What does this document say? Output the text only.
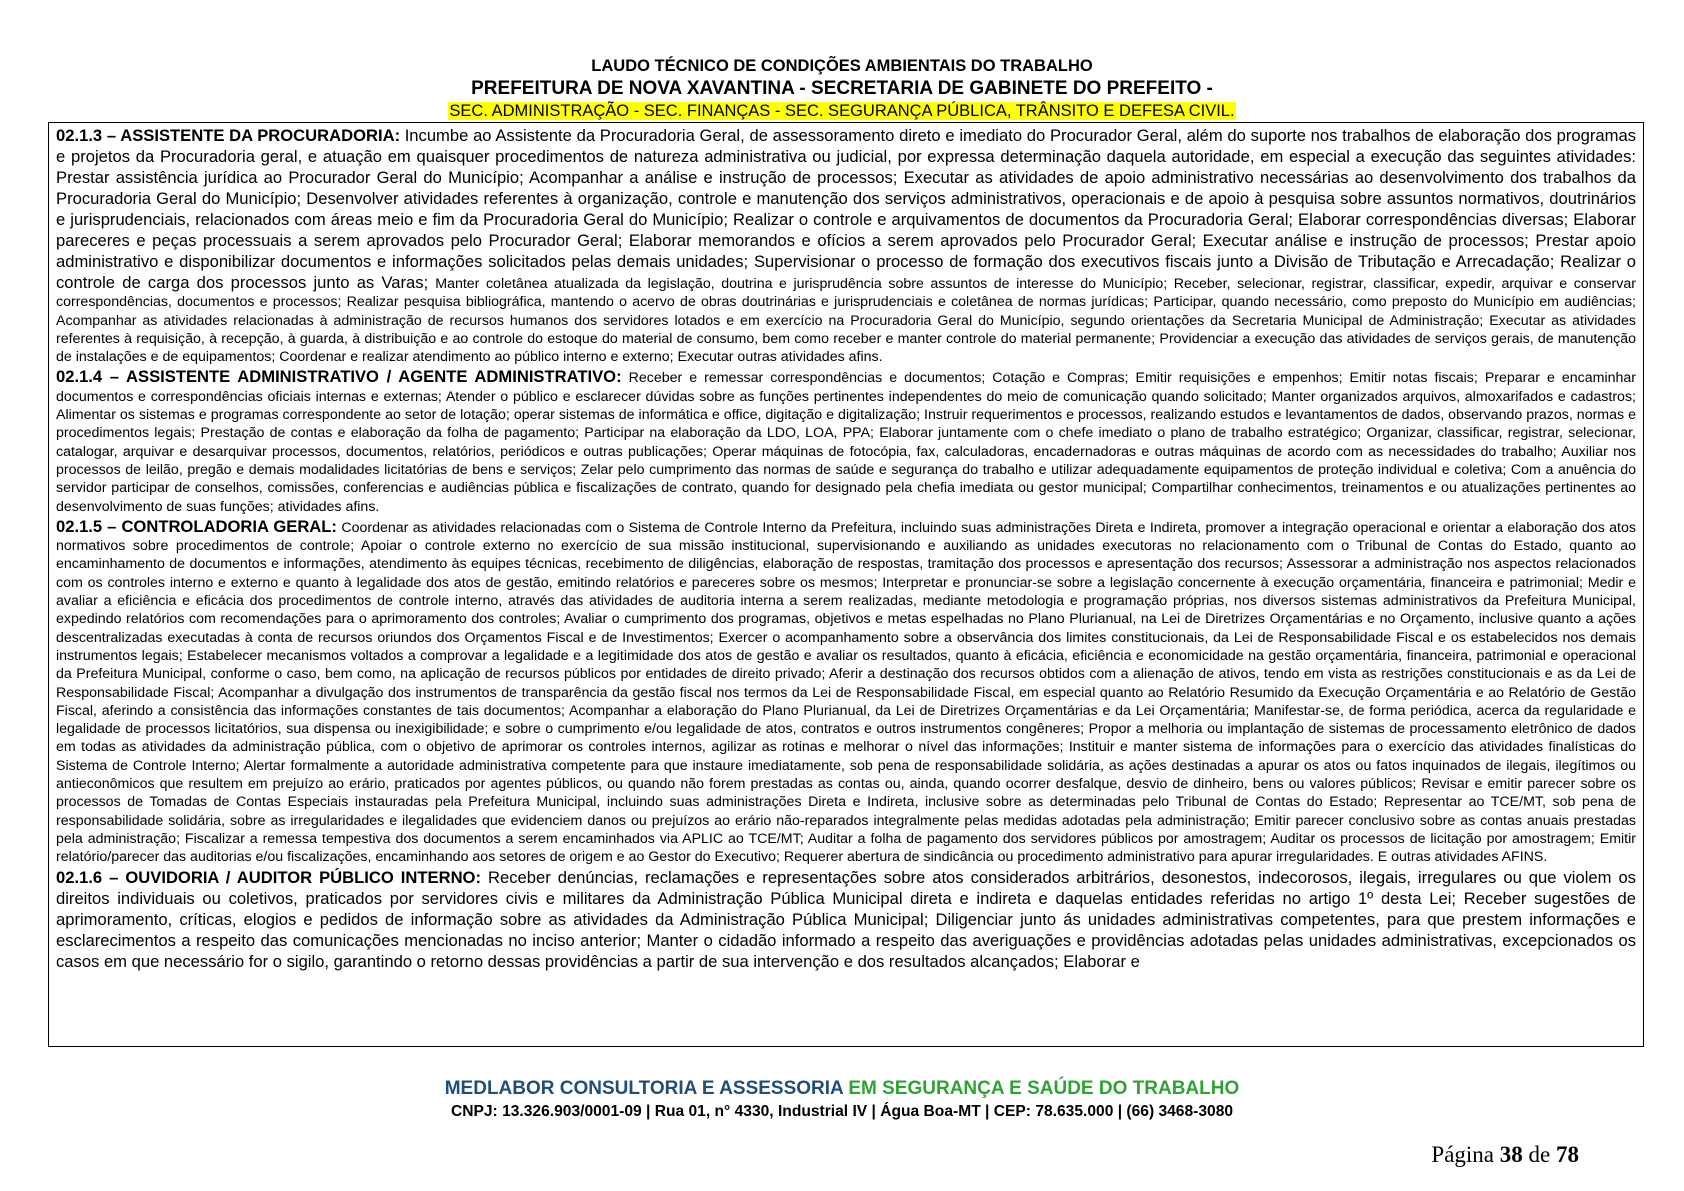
LAUDO TÉCNICO DE CONDIÇÕES AMBIENTAIS DO TRABALHO
PREFEITURA DE NOVA XAVANTINA - SECRETARIA DE GABINETE DO PREFEITO -
SEC. ADMINISTRAÇÃO - SEC. FINANÇAS - SEC. SEGURANÇA PÚBLICA, TRÂNSITO E DEFESA CIVIL.

02.1.3 – ASSISTENTE DA PROCURADORIA: Incumbe ao Assistente da Procuradoria Geral, de assessoramento direto e imediato do Procurador Geral, além do suporte nos trabalhos de elaboração dos programas e projetos da Procuradoria geral, e atuação em quaisquer procedimentos de natureza administrativa ou judicial, por expressa determinação daquela autoridade, em especial a execução das seguintes atividades: Prestar assistência jurídica ao Procurador Geral do Município; Acompanhar a análise e instrução de processos; Executar as atividades de apoio administrativo necessárias ao desenvolvimento dos trabalhos da Procuradoria Geral do Município; Desenvolver atividades referentes à organização, controle e manutenção dos serviços administrativos, operacionais e de apoio à pesquisa sobre assuntos normativos, doutrinários e jurisprudenciais, relacionados com áreas meio e fim da Procuradoria Geral do Município; Realizar o controle e arquivamentos de documentos da Procuradoria Geral; Elaborar correspondências diversas; Elaborar pareceres e peças processuais a serem aprovados pelo Procurador Geral; Elaborar memorandos e ofícios a serem aprovados pelo Procurador Geral; Executar análise e instrução de processos; Prestar apoio administrativo e disponibilizar documentos e informações solicitados pelas demais unidades; Supervisionar o processo de formação dos executivos fiscais junto a Divisão de Tributação e Arrecadação; Realizar o controle de carga dos processos junto as Varas; Manter coletânea atualizada da legislação, doutrina e jurisprudência sobre assuntos de interesse do Município; Receber, selecionar, registrar, classificar, expedir, arquivar e conservar correspondências, documentos e processos; Realizar pesquisa bibliográfica, mantendo o acervo de obras doutrinárias e jurisprudenciais e coletânea de normas jurídicas; Participar, quando necessário, como preposto do Município em audiências; Acompanhar as atividades relacionadas à administração de recursos humanos dos servidores lotados e em exercício na Procuradoria Geral do Município, segundo orientações da Secretaria Municipal de Administração; Executar as atividades referentes à requisição, à recepção, à guarda, à distribuição e ao controle do estoque do material de consumo, bem como receber e manter controle do material permanente; Providenciar a execução das atividades de serviços gerais, de manutenção de instalações e de equipamentos; Coordenar e realizar atendimento ao público interno e externo; Executar outras atividades afins.

02.1.4 – ASSISTENTE ADMINISTRATIVO / AGENTE ADMINISTRATIVO: Receber e remessar correspondências e documentos; Cotação e Compras; Emitir requisições e empenhos; Emitir notas fiscais; Preparar e encaminhar documentos e correspondências oficiais internas e externas; Atender o público e esclarecer dúvidas sobre as funções pertinentes independentes do meio de comunicação quando solicitado; Manter organizados arquivos, almoxarifados e cadastros; Alimentar os sistemas e programas correspondente ao setor de lotação; operar sistemas de informática e office, digitação e digitalização; Instruir requerimentos e processos, realizando estudos e levantamentos de dados, observando prazos, normas e procedimentos legais; Prestação de contas e elaboração da folha de pagamento; Participar na elaboração da LDO, LOA, PPA; Elaborar juntamente com o chefe imediato o plano de trabalho estratégico; Organizar, classificar, registrar, selecionar, catalogar, arquivar e desarquivar processos, documentos, relatórios, periódicos e outras publicações; Operar máquinas de fotocópia, fax, calculadoras, encadernadoras e outras máquinas de acordo com as necessidades do trabalho; Auxiliar nos processos de leilão, pregão e demais modalidades licitatórias de bens e serviços; Zelar pelo cumprimento das normas de saúde e segurança do trabalho e utilizar adequadamente equipamentos de proteção individual e coletiva; Com a anuência do servidor participar de conselhos, comissões, conferencias e audiências pública e fiscalizações de contrato, quando for designado pela chefia imediata ou gestor municipal; Compartilhar conhecimentos, treinamentos e ou atualizações pertinentes ao desenvolvimento de suas funções; atividades afins.

02.1.5 – CONTROLADORIA GERAL: Coordenar as atividades relacionadas com o Sistema de Controle Interno da Prefeitura, incluindo suas administrações Direta e Indireta, promover a integração operacional e orientar a elaboração dos atos normativos sobre procedimentos de controle; Apoiar o controle externo no exercício de sua missão institucional, supervisionando e auxiliando as unidades executoras no relacionamento com o Tribunal de Contas do Estado, quanto ao encaminhamento de documentos e informações, atendimento às equipes técnicas, recebimento de diligências, elaboração de respostas, tramitação dos processos e apresentação dos recursos; Assessorar a administração nos aspectos relacionados com os controles interno e externo e quanto à legalidade dos atos de gestão, emitindo relatórios e pareceres sobre os mesmos; Interpretar e pronunciar-se sobre a legislação concernente à execução orçamentária, financeira e patrimonial; Medir e avaliar a eficiência e eficácia dos procedimentos de controle interno, através das atividades de auditoria interna a serem realizadas, mediante metodologia e programação próprias, nos diversos sistemas administrativos da Prefeitura Municipal, expedindo relatórios com recomendações para o aprimoramento dos controles; Avaliar o cumprimento dos programas, objetivos e metas espelhadas no Plano Plurianual, na Lei de Diretrizes Orçamentárias e no Orçamento, inclusive quanto a ações descentralizadas executadas à conta de recursos oriundos dos Orçamentos Fiscal e de Investimentos; Exercer o acompanhamento sobre a observância dos limites constitucionais, da Lei de Responsabilidade Fiscal e os estabelecidos nos demais instrumentos legais; Estabelecer mecanismos voltados a comprovar a legalidade e a legitimidade dos atos de gestão e avaliar os resultados, quanto à eficácia, eficiência e economicidade na gestão orçamentária, financeira, patrimonial e operacional da Prefeitura Municipal, conforme o caso, bem como, na aplicação de recursos públicos por entidades de direito privado; Aferir a destinação dos recursos obtidos com a alienação de ativos, tendo em vista as restrições constitucionais e as da Lei de Responsabilidade Fiscal; Acompanhar a divulgação dos instrumentos de transparência da gestão fiscal nos termos da Lei de Responsabilidade Fiscal, em especial quanto ao Relatório Resumido da Execução Orçamentária e ao Relatório de Gestão Fiscal, aferindo a consistência das informações constantes de tais documentos; Acompanhar a elaboração do Plano Plurianual, da Lei de Diretrizes Orçamentárias e da Lei Orçamentária; Manifestar-se, de forma periódica, acerca da regularidade e legalidade de processos licitatórios, sua dispensa ou inexigibilidade; e sobre o cumprimento e/ou legalidade de atos, contratos e outros instrumentos congêneres; Propor a melhoria ou implantação de sistemas de processamento eletrônico de dados em todas as atividades da administração pública, com o objetivo de aprimorar os controles internos, agilizar as rotinas e melhorar o nível das informações; Instituir e manter sistema de informações para o exercício das atividades finalísticas do Sistema de Controle Interno; Alertar formalmente a autoridade administrativa competente para que instaure imediatamente, sob pena de responsabilidade solidária, as ações destinadas a apurar os atos ou fatos inquinados de ilegais, ilegítimos ou antieconômicos que resultem em prejuízo ao erário, praticados por agentes públicos, ou quando não forem prestadas as contas ou, ainda, quando ocorrer desfalque, desvio de dinheiro, bens ou valores públicos; Revisar e emitir parecer sobre os processos de Tomadas de Contas Especiais instauradas pela Prefeitura Municipal, incluindo suas administrações Direta e Indireta, inclusive sobre as determinadas pelo Tribunal de Contas do Estado; Representar ao TCE/MT, sob pena de responsabilidade solidária, sobre as irregularidades e ilegalidades que evidenciem danos ou prejuízos ao erário não-reparados integralmente pelas medidas adotadas pela administração; Emitir parecer conclusivo sobre as contas anuais prestadas pela administração; Fiscalizar a remessa tempestiva dos documentos a serem encaminhados via APLIC ao TCE/MT; Auditar a folha de pagamento dos servidores públicos por amostragem; Auditar os processos de licitação por amostragem; Emitir relatório/parecer das auditorias e/ou fiscalizações, encaminhando aos setores de origem e ao Gestor do Executivo; Requerer abertura de sindicância ou procedimento administrativo para apurar irregularidades. E outras atividades AFINS.

02.1.6 – OUVIDORIA / AUDITOR PÚBLICO INTERNO: Receber denúncias, reclamações e representações sobre atos considerados arbitrários, desonestos, indecorosos, ilegais, irregulares ou que violem os direitos individuais ou coletivos, praticados por servidores civis e militares da Administração Pública Municipal direta e indireta e daquelas entidades referidas no artigo 1º desta Lei; Receber sugestões de aprimoramento, críticas, elogios e pedidos de informação sobre as atividades da Administração Pública Municipal; Diligenciar junto ás unidades administrativas competentes, para que prestem informações e esclarecimentos a respeito das comunicações mencionadas no inciso anterior; Manter o cidadão informado a respeito das averiguações e providências adotadas pelas unidades administrativas, excepcionados os casos em que necessário for o sigilo, garantindo o retorno dessas providências a partir de sua intervenção e dos resultados alcançados; Elaborar e

MEDLABOR CONSULTORIA E ASSESSORIA EM SEGURANÇA E SAÚDE DO TRABALHO
CNPJ: 13.326.903/0001-09 | Rua 01, n° 4330, Industrial IV | Água Boa-MT | CEP: 78.635.000 | (66) 3468-3080
Página 38 de 78
